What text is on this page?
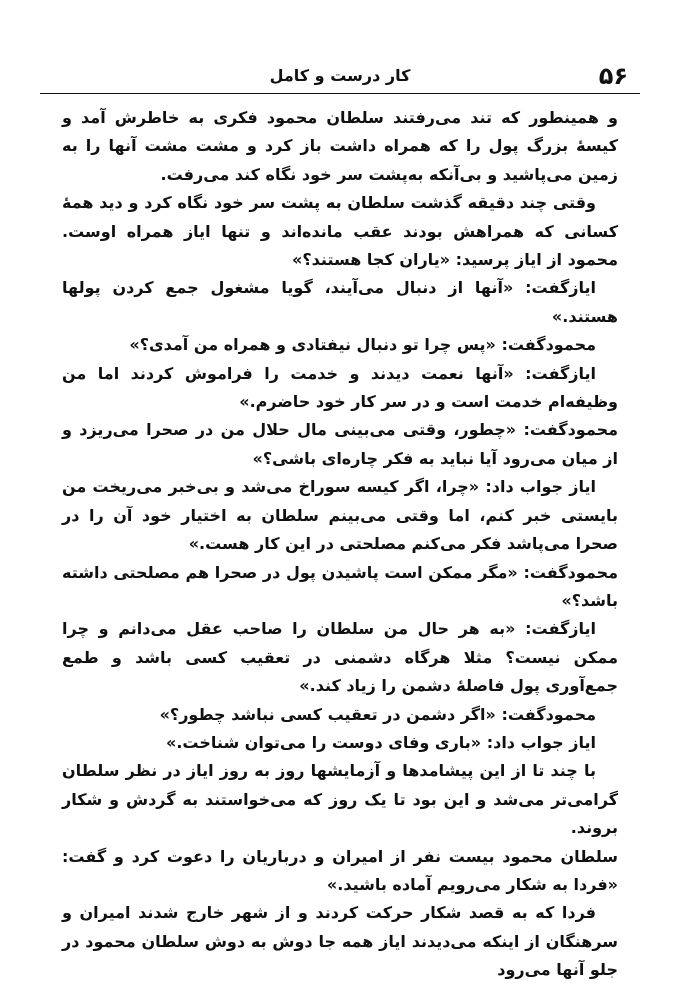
۵۶
کار درست و کامل

و همینطور که تند می‌رفتند سلطان محمود فکری به خاطرش آمد و کیسهٔ بزرگ پول را که همراه داشت باز کرد و مشت مشت آنها را به زمین می‌پاشید و بی‌آنکه به‌پشت سر خود نگاه کند می‌رفت.

وقتی چند دقیقه گذشت سلطان به پشت سر خود نگاه کرد و دید همهٔ کسانی که همراهش بودند عقب مانده‌اند و تنها ایاز همراه اوست. محمود از ایاز پرسید: «یاران کجا هستند؟»

ایازگفت: «آنها از دنبال می‌آیند، گویا مشغول جمع کردن پولها هستند.»

محمودگفت: «پس چرا تو دنبال نیفتادی و همراه من آمدی؟»

ایازگفت: «آنها نعمت دیدند و خدمت را فراموش کردند اما من وظیفه‌ام خدمت است و در سر کار خود حاضرم.»

محمودگفت: «چطور، وقتی می‌بینی مال حلال من در صحرا می‌ریزد و از میان می‌رود آیا نباید به فکر چاره‌ای باشی؟»

ایاز جواب داد: «چرا، اگر کیسه سوراخ می‌شد و بی‌خبر می‌ریخت من بایستی خبر کنم، اما وقتی می‌بینم سلطان به اختیار خود آن را در صحرا می‌پاشد فکر می‌کنم مصلحتی در این کار هست.»

محمودگفت: «مگر ممکن است پاشیدن پول در صحرا هم مصلحتی داشته باشد؟»

ایازگفت: «به هر حال من سلطان را صاحب عقل می‌دانم و چرا ممکن نیست؟ مثلا هرگاه دشمنی در تعقیب کسی باشد و طمع جمع‌آوری پول فاصلهٔ دشمن را زیاد کند.»

محمودگفت: «اگر دشمن در تعقیب کسی نباشد چطور؟»

ایاز جواب داد: «باری وفای دوست را می‌توان شناخت.»

با چند تا از این پیشامدها و آزمایشها روز به روز ایاز در نظر سلطان گرامی‌تر می‌شد و این بود تا یک روز که می‌خواستند به گردش و شکار بروند.

سلطان محمود بیست نفر از امیران و درباریان را دعوت کرد و گفت: «فردا به شکار می‌رویم آماده باشید.»

فردا که به قصد شکار حرکت کردند و از شهر خارج شدند امیران و سرهنگان از اینکه می‌دیدند ایاز همه جا دوش به دوش سلطان محمود در جلو آنها می‌رود
